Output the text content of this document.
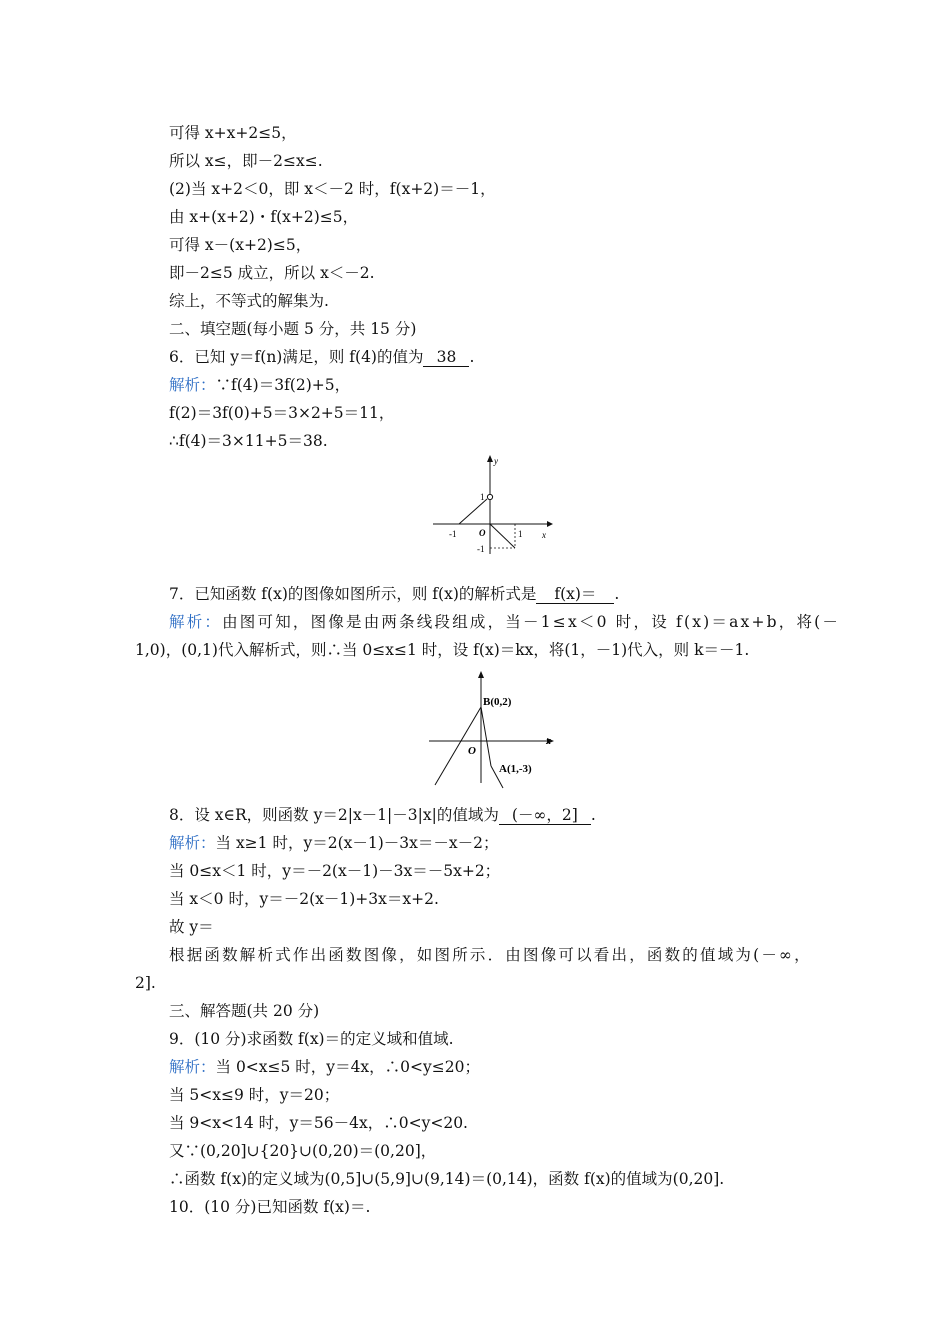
可得 x+x+2≤5，
所以 x≤，即－2≤x≤.
(2)当 x+2＜0，即 x＜－2 时，f(x+2)＝－1，
由 x+(x+2)・f(x+2)≤5，
可得 x－(x+2)≤5，
即－2≤5 成立，所以 x＜－2.
综上，不等式的解集为.
二、填空题(每小题 5 分，共 15 分)
6．已知 y＝f(n)满足，则 f(4)的值为 38 .
解析：∵f(4)＝3f(2)+5，
f(2)＝3f(0)+5＝3×2+5＝11，
∴f(4)＝3×11+5＝38.
y
x
O
1
-1
1
-1
7．已知函数 f(x)的图像如图所示，则 f(x)的解析式是 f(x)＝ .
解析：由图可知，图像是由两条线段组成，当－1≤x＜0 时，设 f(x)＝ax+b，将(－
1,0)，(0,1)代入解析式，则∴当 0≤x≤1 时，设 f(x)＝kx，将(1，－1)代入，则 k＝－1.
B(0,2)
O
x
A(1,-3)
8．设 x∈R，则函数 y＝2|x－1|－3|x|的值域为 (－∞，2] .
解析：当 x≥1 时，y＝2(x－1)－3x＝－x－2；
当 0≤x＜1 时，y＝－2(x－1)－3x＝－5x+2；
当 x＜0 时，y＝－2(x－1)+3x＝x+2.
故 y＝
根据函数解析式作出函数图像，如图所示．由图像可以看出，函数的值域为(－∞，
2].
三、解答题(共 20 分)
9．(10 分)求函数 f(x)＝的定义域和值域.
解析：当 0<x≤5 时，y＝4x，∴0<y≤20；
当 5<x≤9 时，y＝20；
当 9<x<14 时，y＝56－4x，∴0<y<20.
又∵(0,20]∪{20}∪(0,20)＝(0,20]，
∴函数 f(x)的定义域为(0,5]∪(5,9]∪(9,14)＝(0,14)，函数 f(x)的值域为(0,20].
10．(10 分)已知函数 f(x)＝.
